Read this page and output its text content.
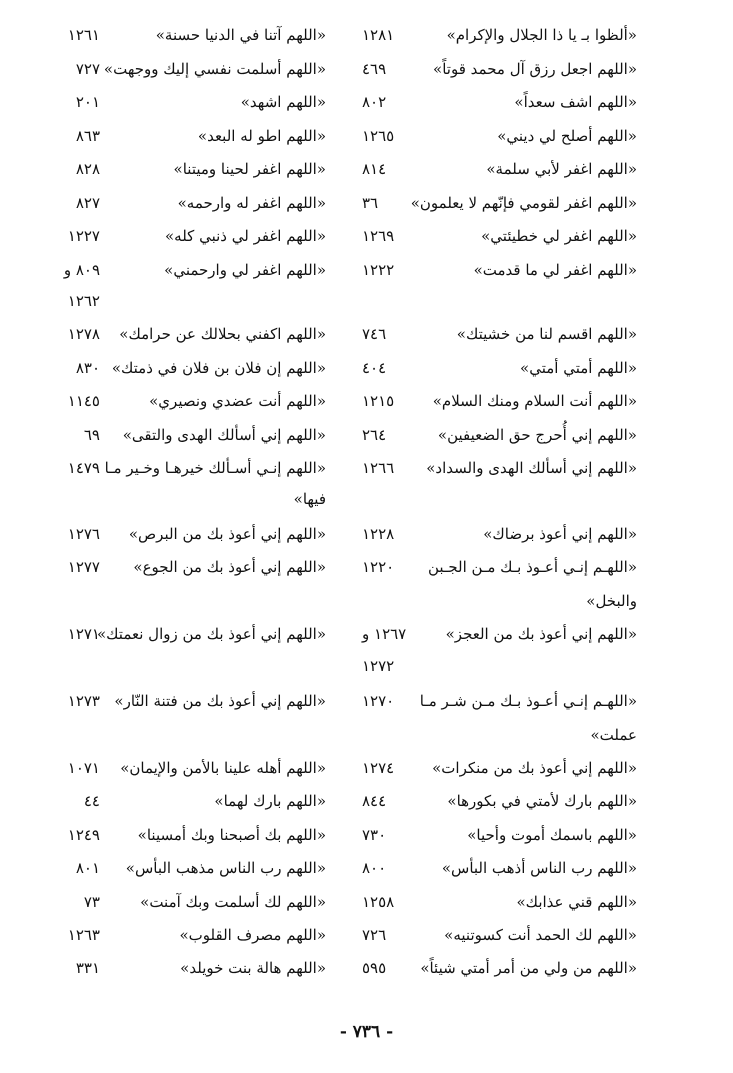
«ألظوا بـ يا ذا الجلال والإكرام»
١٢٨١
«اللهم آتنا في الدنيا حسنة»
١٢٦١
«اللهم اجعل رزق آل محمد قوتاً»
٤٦٩
«اللهم أسلمت نفسي إليك ووجهت»
٧٢٧
«اللهم اشف سعداً»
٨٠٢
«اللهم اشهد»
٢٠١
«اللهم أصلح لي ديني»
١٢٦٥
«اللهم اطو له البعد»
٨٦٣
«اللهم اغفر لأبي سلمة»
٨١٤
«اللهم اغفر لحينا وميتنا»
٨٢٨
«اللهم اغفر لقومي فإنّهم لا يعلمون»
٣٦
«اللهم اغفر له وارحمه»
٨٢٧
«اللهم اغفر لي خطيئتي»
١٢٦٩
«اللهم اغفر لي ذنبي كله»
١٢٢٧
«اللهم اغفر لي ما قدمت»
١٢٢٢
«اللهم اغفر لي وارحمني»
٨٠٩ و
١٢٦٢
«اللهم اقسم لنا من خشيتك»
٧٤٦
«اللهم اكفني بحلالك عن حرامك»
١٢٧٨
«اللهم أمتي أمتي»
٤٠٤
«اللهم إن فلان بن فلان في ذمتك»
٨٣٠
«اللهم أنت السلام ومنك السلام»
١٢١٥
«اللهم أنت عضدي ونصيري»
١١٤٥
«اللهم إني أُحرج حق الضعيفين»
٢٦٤
«اللهم إني أسألك الهدى والتقى»
٦٩
«اللهم إني أسألك الهدى والسداد»
١٢٦٦
«اللهم إنـي أسـألك خيرهـا وخـير مـا
١٤٧٩
فيها»
«اللهم إني أعوذ برضاك»
١٢٢٨
«اللهم إني أعوذ بك من البرص»
١٢٧٦
«اللهـم إنـي أعـوذ بـك مـن الجـبن
١٢٢٠
«اللهم إني أعوذ بك من الجوع»
١٢٧٧
والبخل»
«اللهم إني أعوذ بك من العجز»
١٢٦٧ و
«اللهم إني أعوذ بك من زوال نعمتك»
١٢٧١
١٢٧٢
«اللهـم إنـي أعـوذ بـك مـن شـر مـا
١٢٧٠
«اللهم إني أعوذ بك من فتنة النّار»
١٢٧٣
عملت»
«اللهم إني أعوذ بك من منكرات»
١٢٧٤
«اللهم أهله علينا بالأمن والإيمان»
١٠٧١
«اللهم بارك لأمتي في بكورها»
٨٤٤
«اللهم بارك لهما»
٤٤
«اللهم باسمك أموت وأحيا»
٧٣٠
«اللهم بك أصبحنا وبك أمسينا»
١٢٤٩
«اللهم رب الناس أذهب البأس»
٨٠٠
«اللهم رب الناس مذهب البأس»
٨٠١
«اللهم قني عذابك»
١٢٥٨
«اللهم لك أسلمت وبك آمنت»
٧٣
«اللهم لك الحمد أنت كسوتنيه»
٧٢٦
«اللهم مصرف القلوب»
١٢٦٣
«اللهم من ولي من أمر أمتي شيئاً»
٥٩٥
«اللهم هالة بنت خويلد»
٣٣١
- ٧٣٦ -
